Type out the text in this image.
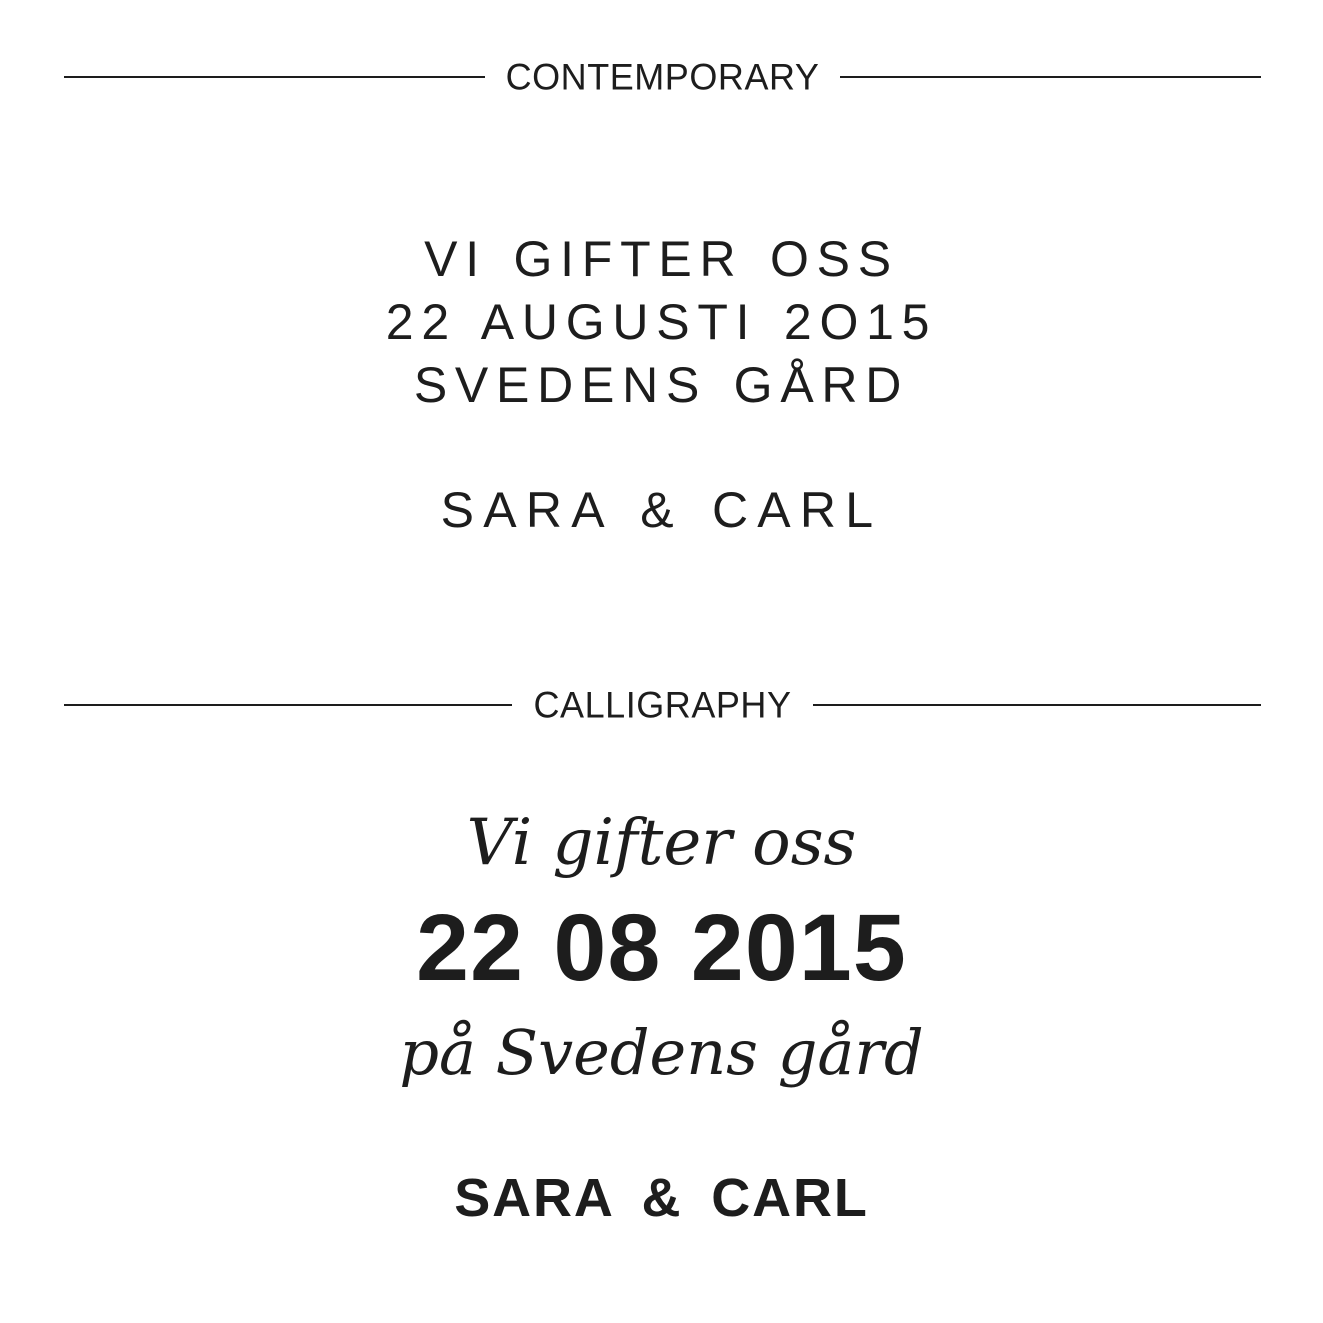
CONTEMPORARY
VI GIFTER OSS
22 AUGUSTI 2O15
SVEDENS GÅRD
SARA & CARL
CALLIGRAPHY
Vi gifter oss
22 08 2015
på Svedens gård
SARA & CARL
